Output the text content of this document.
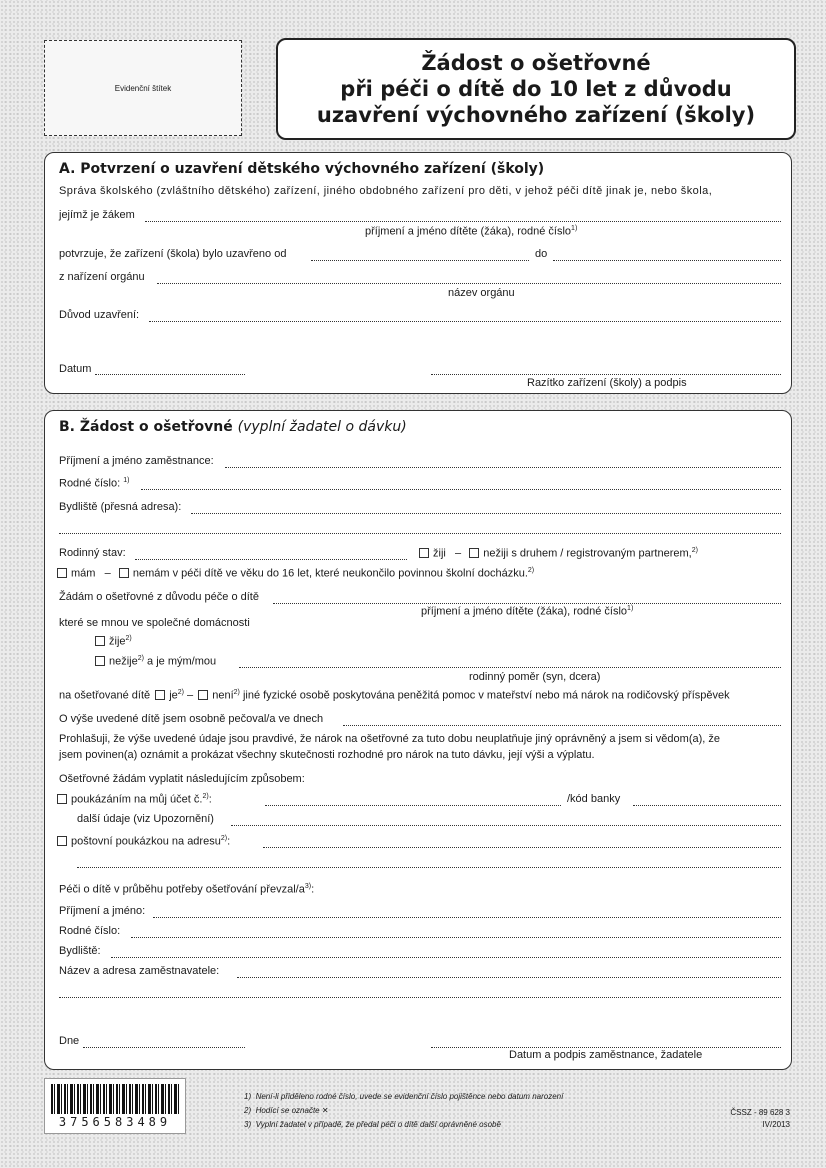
Evidenční štítek
Žádost o ošetřovné
při péči o dítě do 10 let z důvodu
uzavření výchovného zařízení (školy)
A. Potvrzení o uzavření dětského výchovného zařízení (školy)
Správa školského (zvláštního dětského) zařízení, jiného obdobného zařízení pro děti, v jehož péči dítě jinak je, nebo škola,
jejímž je žákem
příjmení a jméno dítěte (žáka), rodné číslo$^{1)}$
potvrzuje, že zařízení (škola) bylo uzavřeno od	do
z nařízení orgánu
název orgánu
Důvod uzavření:
Datum
Razítko zařízení (školy) a podpis
B. Žádost o ošetřovné (vyplní žadatel o dávku)
Příjmení a jméno zaměstnance:
Rodné číslo: $^{1)}$
Bydliště (přesná adresa):
Rodinný stav:	žiji   –  nežiji s druhem / registrovaným partnerem,$^{2)}$
mám   –  nemám v péči dítě ve věku do 16 let, které neukončilo povinnou školní docházku.$^{2)}$
Žádám o ošetřovné z důvodu péče o dítě
příjmení a jméno dítěte (žáka), rodné číslo$^{1)}$
které se mnou ve společné domácnosti
žije$^{2)}$
nežije$^{2)}$ a je mým/mou
rodinný poměr (syn, dcera)
na ošetřované dítě $je^{2)}$ – není$^{2)}$ jiné fyzické osobě poskytována peněžitá pomoc v mateřství nebo má nárok na rodičovský příspěvek
O výše uvedené dítě jsem osobně pečoval/a ve dnech
Prohlašuji, že výše uvedené údaje jsou pravdivé, že nárok na ošetřovné za tuto dobu neuplatňuje jiný oprávněný a jsem si vědom(a), že
jsem povinen(a) oznámit a prokázat všechny skutečnosti rozhodné pro nárok na tuto dávku, její výši a výplatu.
Ošetřovné žádám vyplatit následujícím způsobem:
poukázáním na můj účet č.$^{2)}$:	/kód banky
další údaje (viz Upozornění)
poštovní poukázkou na adresu$^{2)}$:
Péči o dítě v průběhu potřeby ošetřování převzal/$a^{3)}$:
Příjmení a jméno:
Rodné číslo:
Bydliště:
Název a adresa zaměstnavatele:
Dne
Datum a podpis zaměstnance, žadatele
3756583489
1) Není-li přiděleno rodné číslo, uvede se evidenční číslo pojištěnce nebo datum narození
2) Hodící se označte ✕
3) Vyplní žadatel v případě, že předal péči o dítě další oprávněné osobě
ČSSZ - 89 628 3
IV/2013
